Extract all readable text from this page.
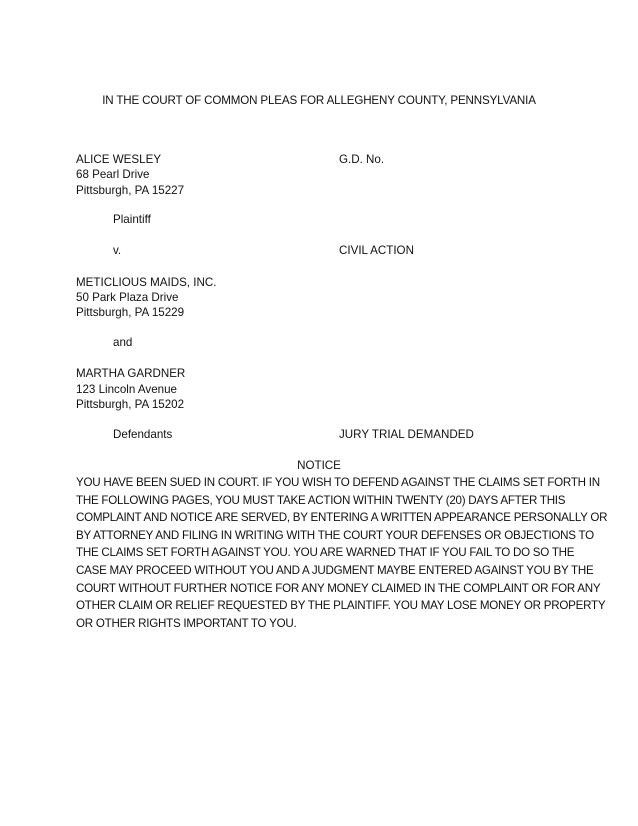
IN THE COURT OF COMMON PLEAS FOR ALLEGHENY COUNTY, PENNSYLVANIA
ALICE WESLEY	G.D. No.
68 Pearl Drive
Pittsburgh, PA 15227
Plaintiff
v.	CIVIL ACTION
METICLIOUS MAIDS, INC.
50 Park Plaza Drive
Pittsburgh, PA 15229
and
MARTHA GARDNER
123 Lincoln Avenue
Pittsburgh, PA 15202
Defendants	JURY TRIAL DEMANDED
NOTICE
YOU HAVE BEEN SUED IN COURT. IF YOU WISH TO DEFEND AGAINST THE CLAIMS SET FORTH IN
THE FOLLOWING PAGES, YOU MUST TAKE ACTION WITHIN TWENTY (20) DAYS AFTER THIS
COMPLAINT AND NOTICE ARE SERVED, BY ENTERING A WRITTEN APPEARANCE PERSONALLY OR
BY ATTORNEY AND FILING IN WRITING WITH THE COURT YOUR DEFENSES OR OBJECTIONS TO
THE CLAIMS SET FORTH AGAINST YOU. YOU ARE WARNED THAT IF YOU FAIL TO DO SO THE
CASE MAY PROCEED WITHOUT YOU AND A JUDGMENT MAYBE ENTERED AGAINST YOU BY THE
COURT WITHOUT FURTHER NOTICE FOR ANY MONEY CLAIMED IN THE COMPLAINT OR FOR ANY
OTHER CLAIM OR RELIEF REQUESTED BY THE PLAINTIFF. YOU MAY LOSE MONEY OR PROPERTY
OR OTHER RIGHTS IMPORTANT TO YOU.
